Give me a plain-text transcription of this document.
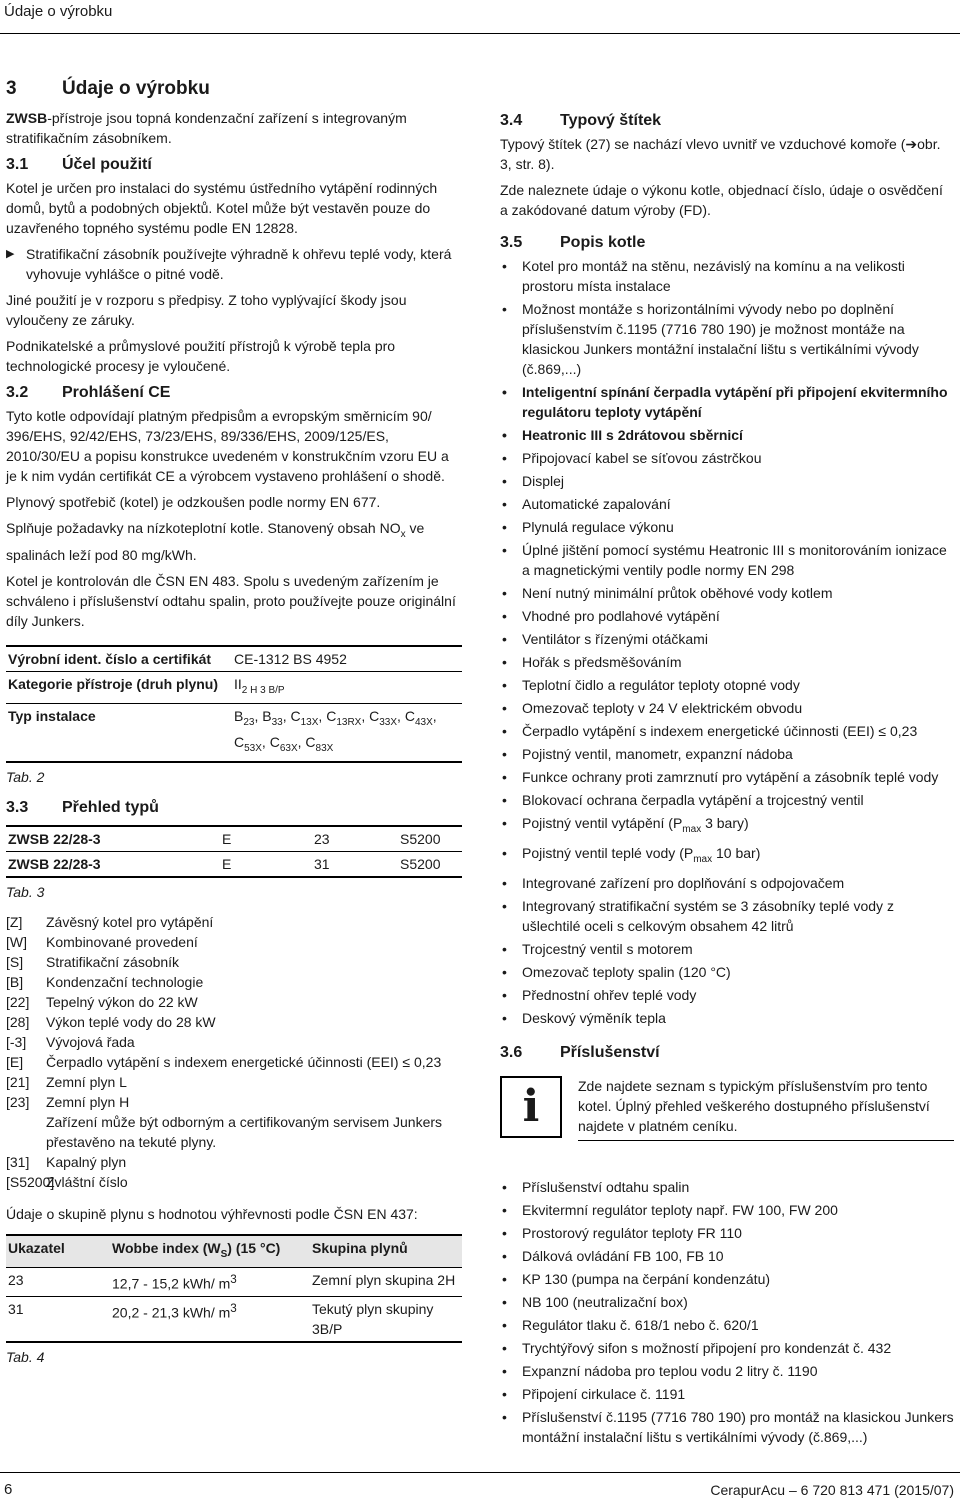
Údaje o výrobku
3 Údaje o výrobku

ZWSB-přístroje jsou topná kondenzační zařízení s integrovaným stratifikačním zásobníkem.

3.1 Účel použití

Kotel je určen pro instalaci do systému ústředního vytápění rodinných domů, bytů a podobných objektů. Kotel může být vestavěn pouze do uzavřeného topného systému podle EN 12828.

▶ Stratifikační zásobník používejte výhradně k ohřevu teplé vody, která vyhovuje vyhlášce o pitné vodě.

Jiné použití je v rozporu s předpisy. Z toho vyplývající škody jsou vyloučeny ze záruky.

Podnikatelské a průmyslové použití přístrojů k výrobě tepla pro technologické procesy je vyloučené.

3.2 Prohlášení CE

Tyto kotle odpovídají platným předpisům a evropským směrnicím 90/ 396/EHS, 92/42/EHS, 73/23/EHS, 89/336/EHS, 2009/125/ES, 2010/30/EU a popisu konstrukce uvedeném v konstrukčním vzoru EU a je k nim vydán certifikát CE a výrobcem vystaveno prohlášení o shodě.

Plynový spotřebič (kotel) je odzkoušen podle normy EN 677.

Splňuje požadavky na nízkoteplotní kotle. Stanovený obsah $NO_x$ ve spalinách leží pod 80 mg/kWh.

Kotel je kontrolován dle ČSN EN 483. Spolu s uvedeným zařízením je schváleno i příslušenství odtahu spalin, proto používejte pouze originální díly Junkers.

Výrobní ident. číslo a certifikát	CE-1312 BS 4952
Kategorie přístroje (druh plynu)	$II_{2 H 3 B/P}$
Typ instalace	$B_{23}$, $B_{33}$, $C_{13X}$, $C_{13RX}$, $C_{33X}$, $C_{43X}$, $C_{53X}$, $C_{63X}$, $C_{83X}$
Tab. 2
3.3 Přehled typů
ZWSB 22/28-3	E	23	S5200
ZWSB 22/28-3	E	31	S5200
Tab. 3
[Z]	Závěsný kotel pro vytápění
[W]	Kombinované provedení
[S]	Stratifikační zásobník
[B]	Kondenzační technologie
[22]	Tepelný výkon do 22 kW
[28]	Výkon teplé vody do 28 kW
[-3]	Vývojová řada
[E]	Čerpadlo vytápění s indexem energetické účinnosti (EEI) ≤ 0,23
[21]	Zemní plyn L
[23]	Zemní plyn H
Zařízení může být odborným a certifikovaným servisem Junkers přestavěno na tekuté plyny.
[31]	Kapalný plyn
[S5200]
Zvláštní číslo

Údaje o skupině plynu s hodnotou výhřevnosti podle ČSN EN 437:

Ukazatel	Wobbe index $(W_S)$ (15 °C)	Skupina plynů
23	12,7 - 15,2 kWh/ $m^3$	Zemní plyn skupina 2H
31	20,2 - 21,3 kWh/ $m^3$	Tekutý plyn skupiny 3B/P
Tab. 4
3.4 Typový štítek

Typový štítek (27) se nachází vlevo uvnitř ve vzduchové komoře (➔obr. 3, str. 8).

Zde naleznete údaje o výkonu kotle, objednací číslo, údaje o osvědčení a zakódované datum výroby (FD).

3.5 Popis kotle
• Kotel pro montáž na stěnu, nezávislý na komínu a na velikosti prostoru místa instalace
• Možnost montáže s horizontálními vývody nebo po doplnění příslušenstvím č.1195 (7716 780 190) je možnost montáže na klasickou Junkers montážní instalační lištu s vertikálními vývody (č.869,...)
• Inteligentní spínání čerpadla vytápění při připojení ekvitermního regulátoru teploty vytápění
• Heatronic III s 2drátovou sběrnicí
• Připojovací kabel se síťovou zástrčkou
• Displej
• Automatické zapalování
• Plynulá regulace výkonu
• Úplné jištění pomocí systému Heatronic III s monitorováním ionizace a magnetickými ventily podle normy EN 298
• Není nutný minimální průtok oběhové vody kotlem
• Vhodné pro podlahové vytápění
• Ventilátor s řízenými otáčkami
• Hořák s předsměšováním
• Teplotní čidlo a regulátor teploty otopné vody
• Omezovač teploty v 24 V elektrickém obvodu
• Čerpadlo vytápění s indexem energetické účinnosti (EEI) ≤ 0,23
• Pojistný ventil, manometr, expanzní nádoba
• Funkce ochrany proti zamrznutí pro vytápění a zásobník teplé vody
• Blokovací ochrana čerpadla vytápění a trojcestný ventil
• Pojistný ventil vytápění ($P_{max}$ 3 bary)
• Pojistný ventil teplé vody ($P_{max}$ 10 bar)
• Integrované zařízení pro doplňování s odpojovačem
• Integrovaný stratifikační systém se 3 zásobníky teplé vody z ušlechtilé oceli s celkovým obsahem 42 litrů
• Trojcestný ventil s motorem
• Omezovač teploty spalin (120 °C)
• Přednostní ohřev teplé vody
• Deskový výměník tepla
3.6 Příslušenství
i	Zde najdete seznam s typickým příslušenstvím pro tento kotel. Úplný přehled veškerého dostupného příslušenství najdete v platném ceníku.
• Příslušenství odtahu spalin
• Ekvitermní regulátor teploty např. FW 100, FW 200
• Prostorový regulátor teploty FR 110
• Dálková ovládání FB 100, FB 10
• KP 130 (pumpa na čerpání kondenzátu)
• NB 100 (neutralizační box)
• Regulátor tlaku č. 618/1 nebo č. 620/1
• Trychtýřový sifon s možností připojení pro kondenzát č. 432
• Expanzní nádoba pro teplou vodu 2 litry č. 1190
• Připojení cirkulace č. 1191
• Příslušenství č.1195 (7716 780 190) pro montáž na klasickou Junkers montážní instalační lištu s vertikálními vývody (č.869,...)
6	CerapurAcu – 6 720 813 471 (2015/07)
